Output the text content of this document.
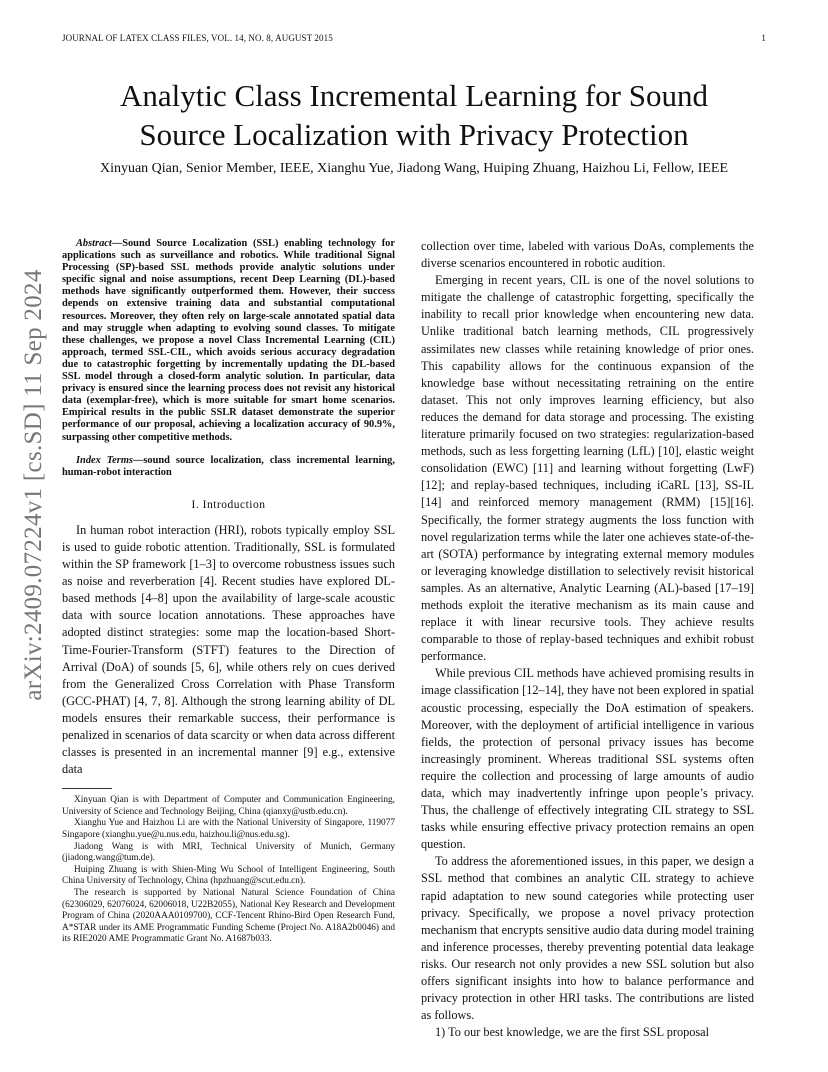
JOURNAL OF LATEX CLASS FILES, VOL. 14, NO. 8, AUGUST 2015	1
arXiv:2409.07224v1 [cs.SD] 11 Sep 2024
Analytic Class Incremental Learning for Sound
Source Localization with Privacy Protection
Xinyuan Qian, Senior Member, IEEE, Xianghu Yue, Jiadong Wang, Huiping Zhuang, Haizhou Li, Fellow, IEEE

Abstract—Sound Source Localization (SSL) enabling technology for applications such as surveillance and robotics. While traditional Signal Processing (SP)-based SSL methods provide analytic solutions under specific signal and noise assumptions, recent Deep Learning (DL)-based methods have significantly outperformed them. However, their success depends on extensive training data and substantial computational resources. Moreover, they often rely on large-scale annotated spatial data and may struggle when adapting to evolving sound classes. To mitigate these challenges, we propose a novel Class Incremental Learning (CIL) approach, termed SSL-CIL, which avoids serious accuracy degradation due to catastrophic forgetting by incrementally updating the DL-based SSL model through a closed-form analytic solution. In particular, data privacy is ensured since the learning process does not revisit any historical data (exemplar-free), which is more suitable for smart home scenarios. Empirical results in the public SSLR dataset demonstrate the superior performance of our proposal, achieving a localization accuracy of 90.9%, surpassing other competitive methods.

Index Terms—sound source localization, class incremental learning, human-robot interaction

I. Introduction

In human robot interaction (HRI), robots typically employ SSL is used to guide robotic attention. Traditionally, SSL is formulated within the SP framework [1–3] to overcome robustness issues such as noise and reverberation [4]. Recent studies have explored DL-based methods [4–8] upon the availability of large-scale acoustic data with source location annotations. These approaches have adopted distinct strategies: some map the location-based Short-Time-Fourier-Transform (STFT) features to the Direction of Arrival (DoA) of sounds [5, 6], while others rely on cues derived from the Generalized Cross Correlation with Phase Transform (GCC-PHAT) [4, 7, 8]. Although the strong learning ability of DL models ensures their remarkable success, their performance is penalized in scenarios of data scarcity or when data across different classes is presented in an incremental manner [9] e.g., extensive data

Xinyuan Qian is with Department of Computer and Communication Engineering, University of Science and Technology Beijing, China (qianxy@ustb.edu.cn).

Xianghu Yue and Haizhou Li are with the National University of Singapore, 119077 Singapore (xianghu.yue@u.nus.edu, haizhou.li@nus.edu.sg).

Jiadong Wang is with MRI, Technical University of Munich, Germany (jiadong.wang@tum.de).

Huiping Zhuang is with Shien-Ming Wu School of Intelligent Engineering, South China University of Technology, China (hpzhuang@scut.edu.cn).

The research is supported by National Natural Science Foundation of China (62306029, 62076024, 62006018, U22B2055), National Key Research and Development Program of China (2020AAA0109700), CCF-Tencent Rhino-Bird Open Research Fund, A*STAR under its AME Programmatic Funding Scheme (Project No. A18A2b0046) and its RIE2020 AME Programmatic Grant No. A1687b033.

collection over time, labeled with various DoAs, complements the diverse scenarios encountered in robotic audition.

Emerging in recent years, CIL is one of the novel solutions to mitigate the challenge of catastrophic forgetting, specifically the inability to recall prior knowledge when encountering new data. Unlike traditional batch learning methods, CIL progressively assimilates new classes while retaining knowledge of prior ones. This capability allows for the continuous expansion of the knowledge base without necessitating retraining on the entire dataset. This not only improves learning efficiency, but also reduces the demand for data storage and processing. The existing literature primarily focused on two strategies: regularization-based methods, such as less forgetting learning (LfL) [10], elastic weight consolidation (EWC) [11] and learning without forgetting (LwF) [12]; and replay-based techniques, including iCaRL [13], SS-IL [14] and reinforced memory management (RMM) [15][16]. Specifically, the former strategy augments the loss function with novel regularization terms while the later one achieves state-of-the-art (SOTA) performance by integrating external memory modules or leveraging knowledge distillation to selectively revisit historical samples. As an alternative, Analytic Learning (AL)-based [17–19] methods exploit the iterative mechanism as its main cause and replace it with linear recursive tools. They achieve results comparable to those of replay-based techniques and exhibit robust performance.

While previous CIL methods have achieved promising results in image classification [12–14], they have not been explored in spatial acoustic processing, especially the DoA estimation of speakers. Moreover, with the deployment of artificial intelligence in various fields, the protection of personal privacy issues has become increasingly prominent. Whereas traditional SSL systems often require the collection and processing of large amounts of audio data, which may inadvertently infringe upon people’s privacy. Thus, the challenge of effectively integrating CIL strategy to SSL tasks while ensuring effective privacy protection remains an open question.

To address the aforementioned issues, in this paper, we design a SSL method that combines an analytic CIL strategy to achieve rapid adaptation to new sound categories while protecting user privacy. Specifically, we propose a novel privacy protection mechanism that encrypts sensitive audio data during model training and inference processes, thereby preventing potential data leakage risks. Our research not only provides a new SSL solution but also offers significant insights into how to balance performance and privacy protection in other HRI tasks. The contributions are listed as follows.

1) To our best knowledge, we are the first SSL proposal
